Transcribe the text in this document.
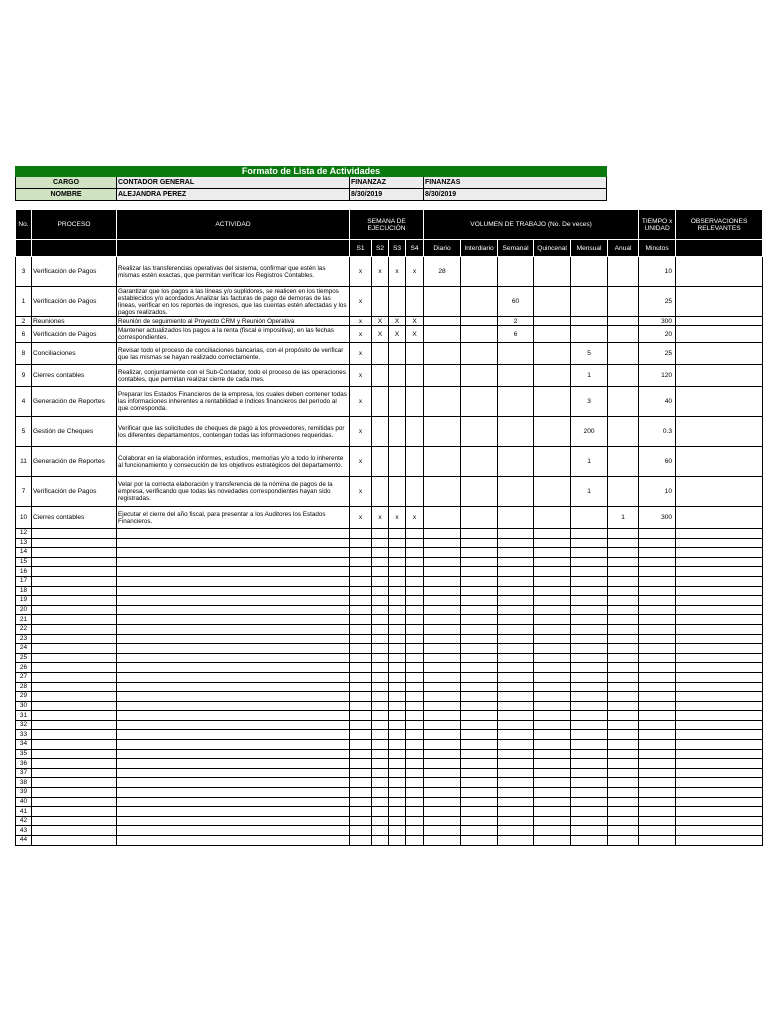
Formato de Lista de Actividades			
CARGO	CONTADOR GENERAL	FINANZAZ	FINANZAS
NOMBRE	ALEJANDRA PEREZ	8/30/2019	8/30/2019
No.	PROCESO	ACTIVIDAD	SEMANA DE EJECUCIÓN				VOLUMEN DE TRABAJO (No. De veces)						TIEMPO x UNIDAD	OBSERVACIONES RELEVANTES
			S1	S2	S3	S4	Diario	Interdiario	Semanal	Quincenal	Mensual	Anual	Minutos	
3	Verificación de Pagos	Realizar las transferencias operativas del sistema, confirmar que estén las mismas estén exactas, que permitan verificar los Registros Contables.	x	x	x	x	28						10	
1	Verificación de Pagos	Garantizar que los pagos a las líneas y/o suplidores, se realicen en los tiempos establecidos y/o acordados.Analizar las facturas de pago de demoras de las líneas, verificar en los reportes de ingresos, que las cuentas estén afectadas y los pagos realizados.	x						60				25	
2	Reuniones	Reunión de seguimiento al Proyecto CRM y Reunión Operativa	x	X	X	X			2				300	
6	Verificación de Pagos	Mantener actualizados los pagos a la renta (fiscal e impositiva), en las fechas correspondientes.	x	X	X	X			6				20	
8	Conciliaciones	Revisar todo el proceso de conciliaciones bancarias, con el propósito de verificar que las mismas se hayan realizado correctamente.	x								5		25	
9	Cierres contables	Realizar, conjuntamente con el Sub-Contador, todo el proceso de las operaciones contables, que permitan realizar cierre de cada mes.	x								1		120	
4	Generación de Reportes	Preparar los Estados Financieros de la empresa, los cuales deben contener todas las informaciones inherentes a rentabilidad e índices financieros del período al que corresponda.	x								3		40	
5	Gestión de Cheques	Verificar que las solicitudes de cheques de pago a los proveedores, remitidas por los diferentes departamentos, contengan todas las informaciones requeridas.	x								200		0.3	
11	Generación de Reportes	Colaborar en la elaboración informes, estudios, memorias y/o a todo lo inherente al funcionamiento y consecución de los objetivos estratégicos del departamento.	x								1		60	
7	Verificación de Pagos	Velar por la correcta elaboración y transferencia de la nómina de pagos de la empresa, verificando que todas las novedades correspondientes hayan sido registradas.	x								1		10	
10	Cierres contables	Ejecutar el cierre del año fiscal, para presentar a los Auditores los Estados Financieros.	x	x	x	x						1	300	
12														
13														
14														
15														
16														
17														
18														
19														
20														
21														
22														
23														
24														
25														
26														
27														
28														
29														
30														
31														
32														
33														
34														
35														
36														
37														
38														
39														
40														
41														
42														
43														
44														
